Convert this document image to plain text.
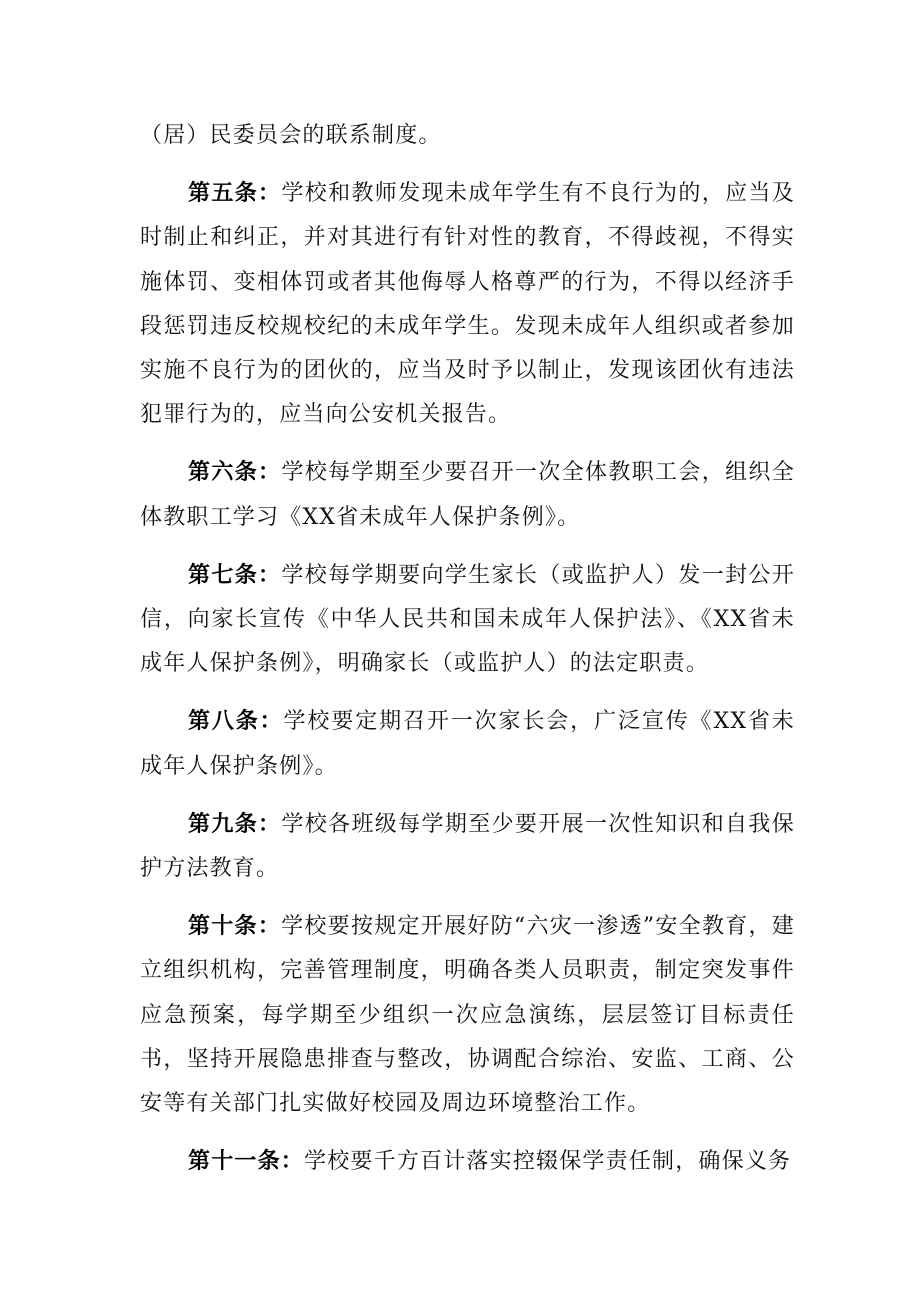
（居）民委员会的联系制度。

第五条：学校和教师发现未成年学生有不良行为的，应当及时制止和纠正，并对其进行有针对性的教育，不得歧视，不得实施体罚、变相体罚或者其他侮辱人格尊严的行为，不得以经济手段惩罚违反校规校纪的未成年学生。发现未成年人组织或者参加实施不良行为的团伙的，应当及时予以制止，发现该团伙有违法犯罪行为的，应当向公安机关报告。

第六条：学校每学期至少要召开一次全体教职工会，组织全体教职工学习《XX省未成年人保护条例》。

第七条：学校每学期要向学生家长（或监护人）发一封公开信，向家长宣传《中华人民共和国未成年人保护法》、《XX省未成年人保护条例》，明确家长（或监护人）的法定职责。

第八条：学校要定期召开一次家长会，广泛宣传《XX省未成年人保护条例》。

第九条：学校各班级每学期至少要开展一次性知识和自我保护方法教育。

第十条：学校要按规定开展好防“六灾一渗透”安全教育，建立组织机构，完善管理制度，明确各类人员职责，制定突发事件应急预案，每学期至少组织一次应急演练，层层签订目标责任书，坚持开展隐患排查与整改，协调配合综治、安监、工商、公安等有关部门扎实做好校园及周边环境整治工作。

第十一条：学校要千方百计落实控辍保学责任制，确保义务
